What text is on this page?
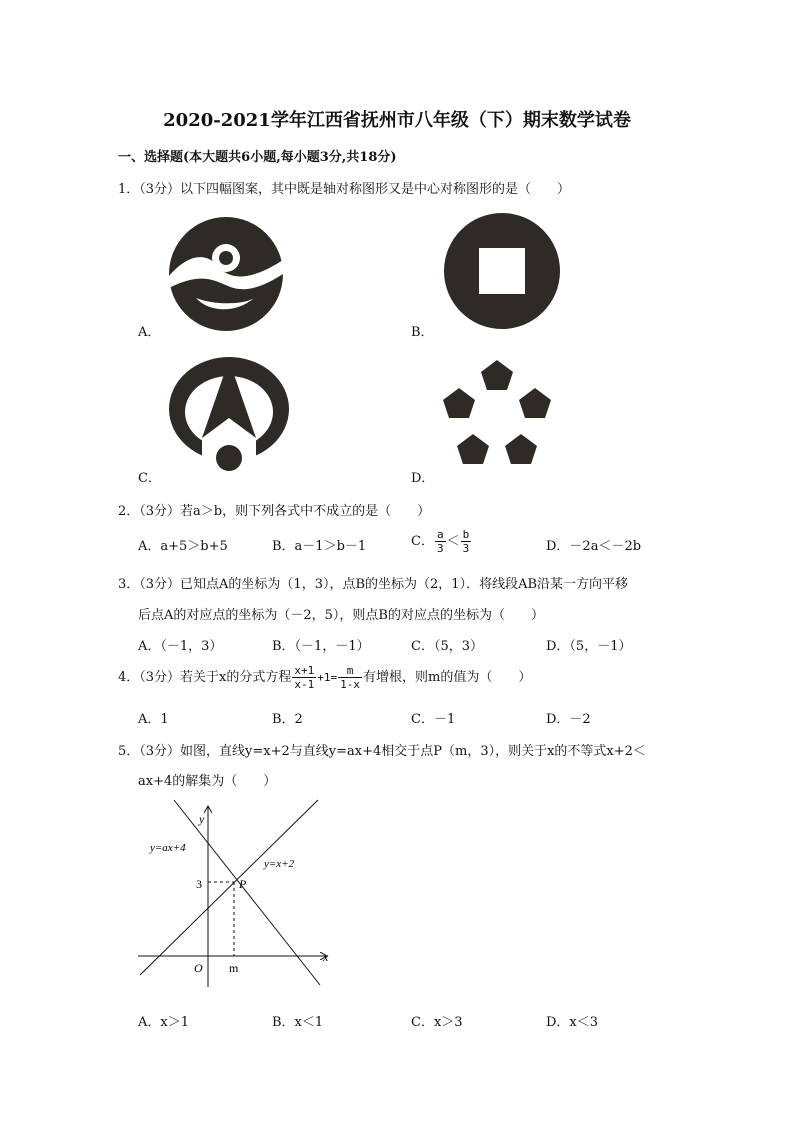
2020-2021学年江西省抚州市八年级（下）期末数学试卷
一、选择题(本大题共6小题,每小题3分,共18分)
1．（3分）以下四幅图案，其中既是轴对称图形又是中心对称图形的是（　　）
A．	B．
C．	D．
2．（3分）若a＞b，则下列各式中不成立的是（　　）
A．a+5＞b+5	B．a－1＞b－1	C． $\frac{a}{3} < \frac{b}{3}$	D．－2a＜－2b
3．（3分）已知点A的坐标为（1，3），点B的坐标为（2，1）．将线段AB沿某一方向平移
后点A的对应点的坐标为（－2，5），则点B的对应点的坐标为（　　）
A．（－1，3）	B．（－1，－1）	C．（5，3）	D．（5，－1）
4．（3分）若关于x的分式方程 $\frac{x+1}{x-1} +1= \frac{m}{1-x}$ 有增根，则m的值为（　　）
A．1	B．2	C．－1	D．－2
5．（3分）如图，直线y=x+2与直线y=ax+4相交于点P（m，3），则关于x的不等式x+2＜
ax+4的解集为（　　）
y
x
O
y=ax+4
y=x+2
P
3
m
A．x＞1	B．x＜1	C．x＞3	D．x＜3
